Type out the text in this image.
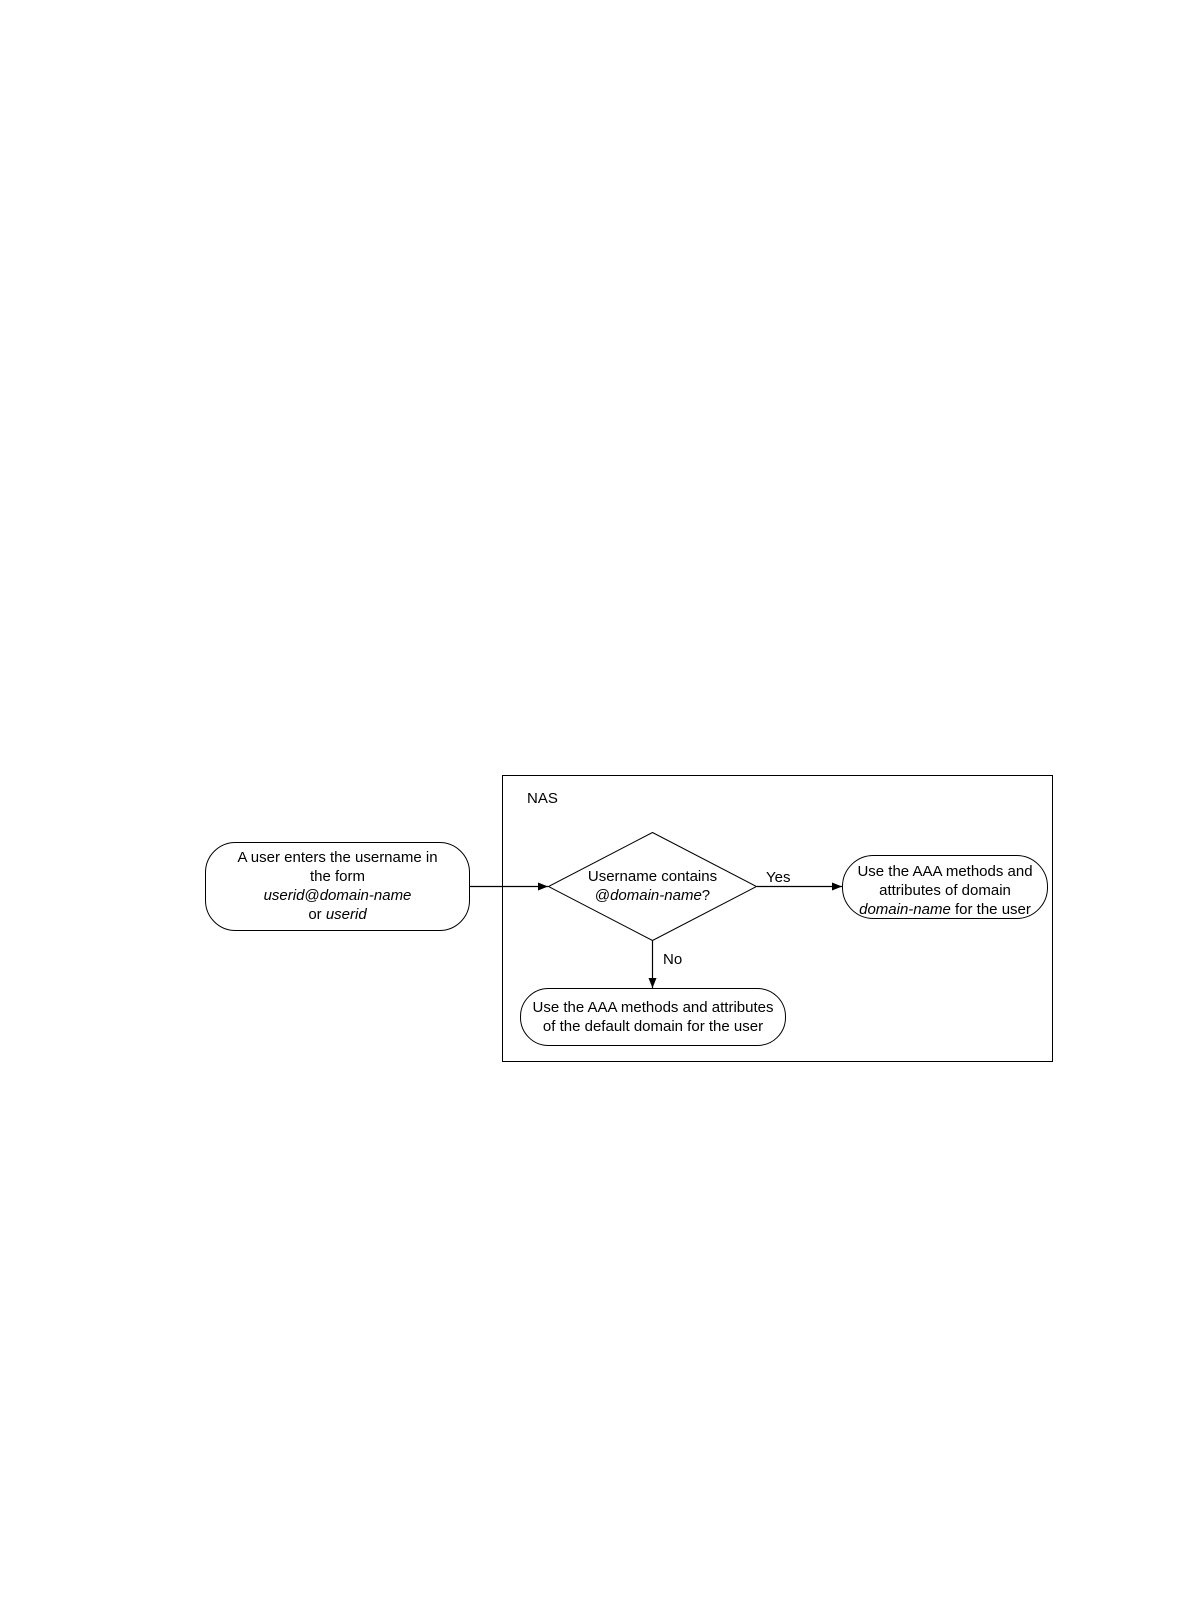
NAS
A user enters the username in
the form
userid@domain-name
or userid
Username contains
@domain-name?
Use the AAA methods and
attributes of domain
domain-name for the user
Use the AAA methods and attributes
of the default domain for the user
Yes
No
